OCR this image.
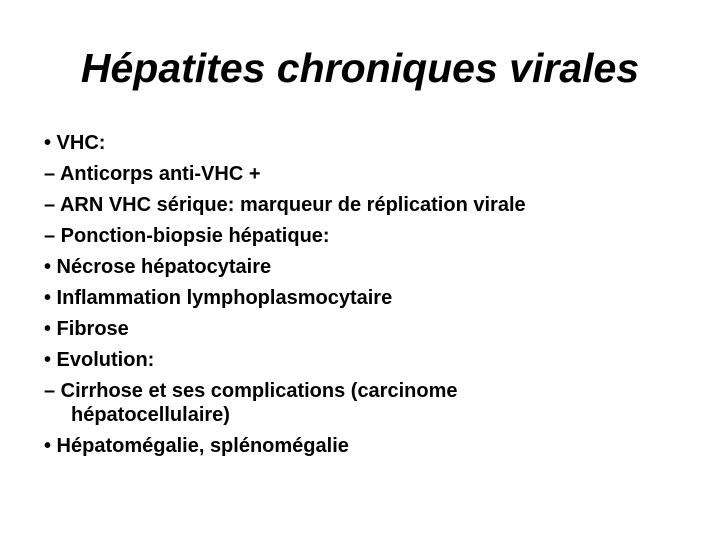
Hépatites chroniques virales
• VHC:
– Anticorps anti-VHC +
– ARN VHC sérique: marqueur de réplication virale
– Ponction-biopsie hépatique:
• Nécrose hépatocytaire
• Inflammation lymphoplasmocytaire
• Fibrose
• Evolution:
– Cirrhose et ses complications (carcinome
hépatocellulaire)
• Hépatomégalie, splénomégalie
